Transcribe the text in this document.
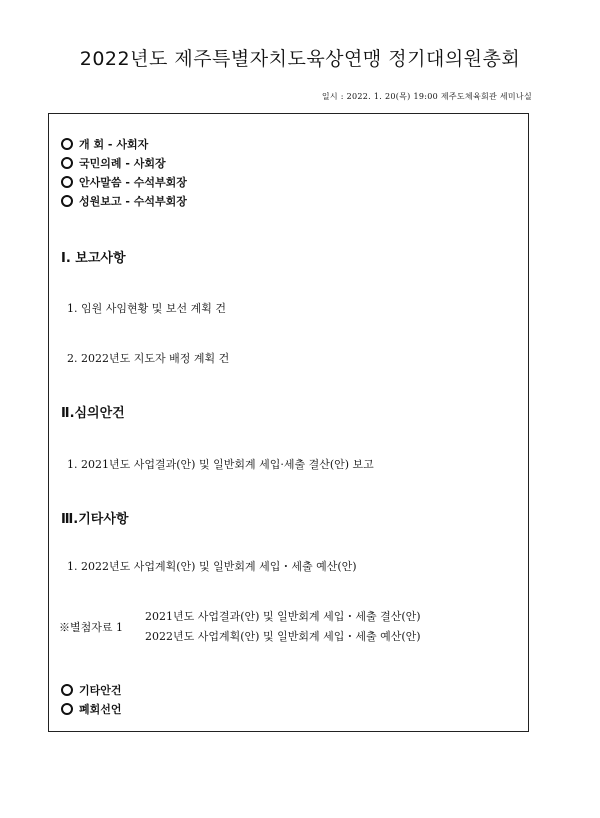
2022년도 제주특별자치도육상연맹 정기대의원총회
일시 : 2022. 1. 20(목) 19:00 제주도체육회관 세미나실
개 회 - 사회자
국민의례 - 사회장
안사말씀 - 수석부회장
성원보고 - 수석부회장
Ⅰ. 보고사항
1. 임원 사임현황 및 보선 계획 건
2. 2022년도 지도자 배정 계획 건
Ⅱ.심의안건
1. 2021년도 사업결과(안) 및 일반회계 세입·세출 결산(안) 보고
Ⅲ.기타사항
1. 2022년도 사업계획(안) 및 일반회계 세입・세출 예산(안)
※별첨자료 1
2021년도 사업결과(안) 및 일반회계 세입・세출 결산(안)
2022년도 사업계획(안) 및 일반회계 세입・세출 예산(안)
기타안건
폐회선언
